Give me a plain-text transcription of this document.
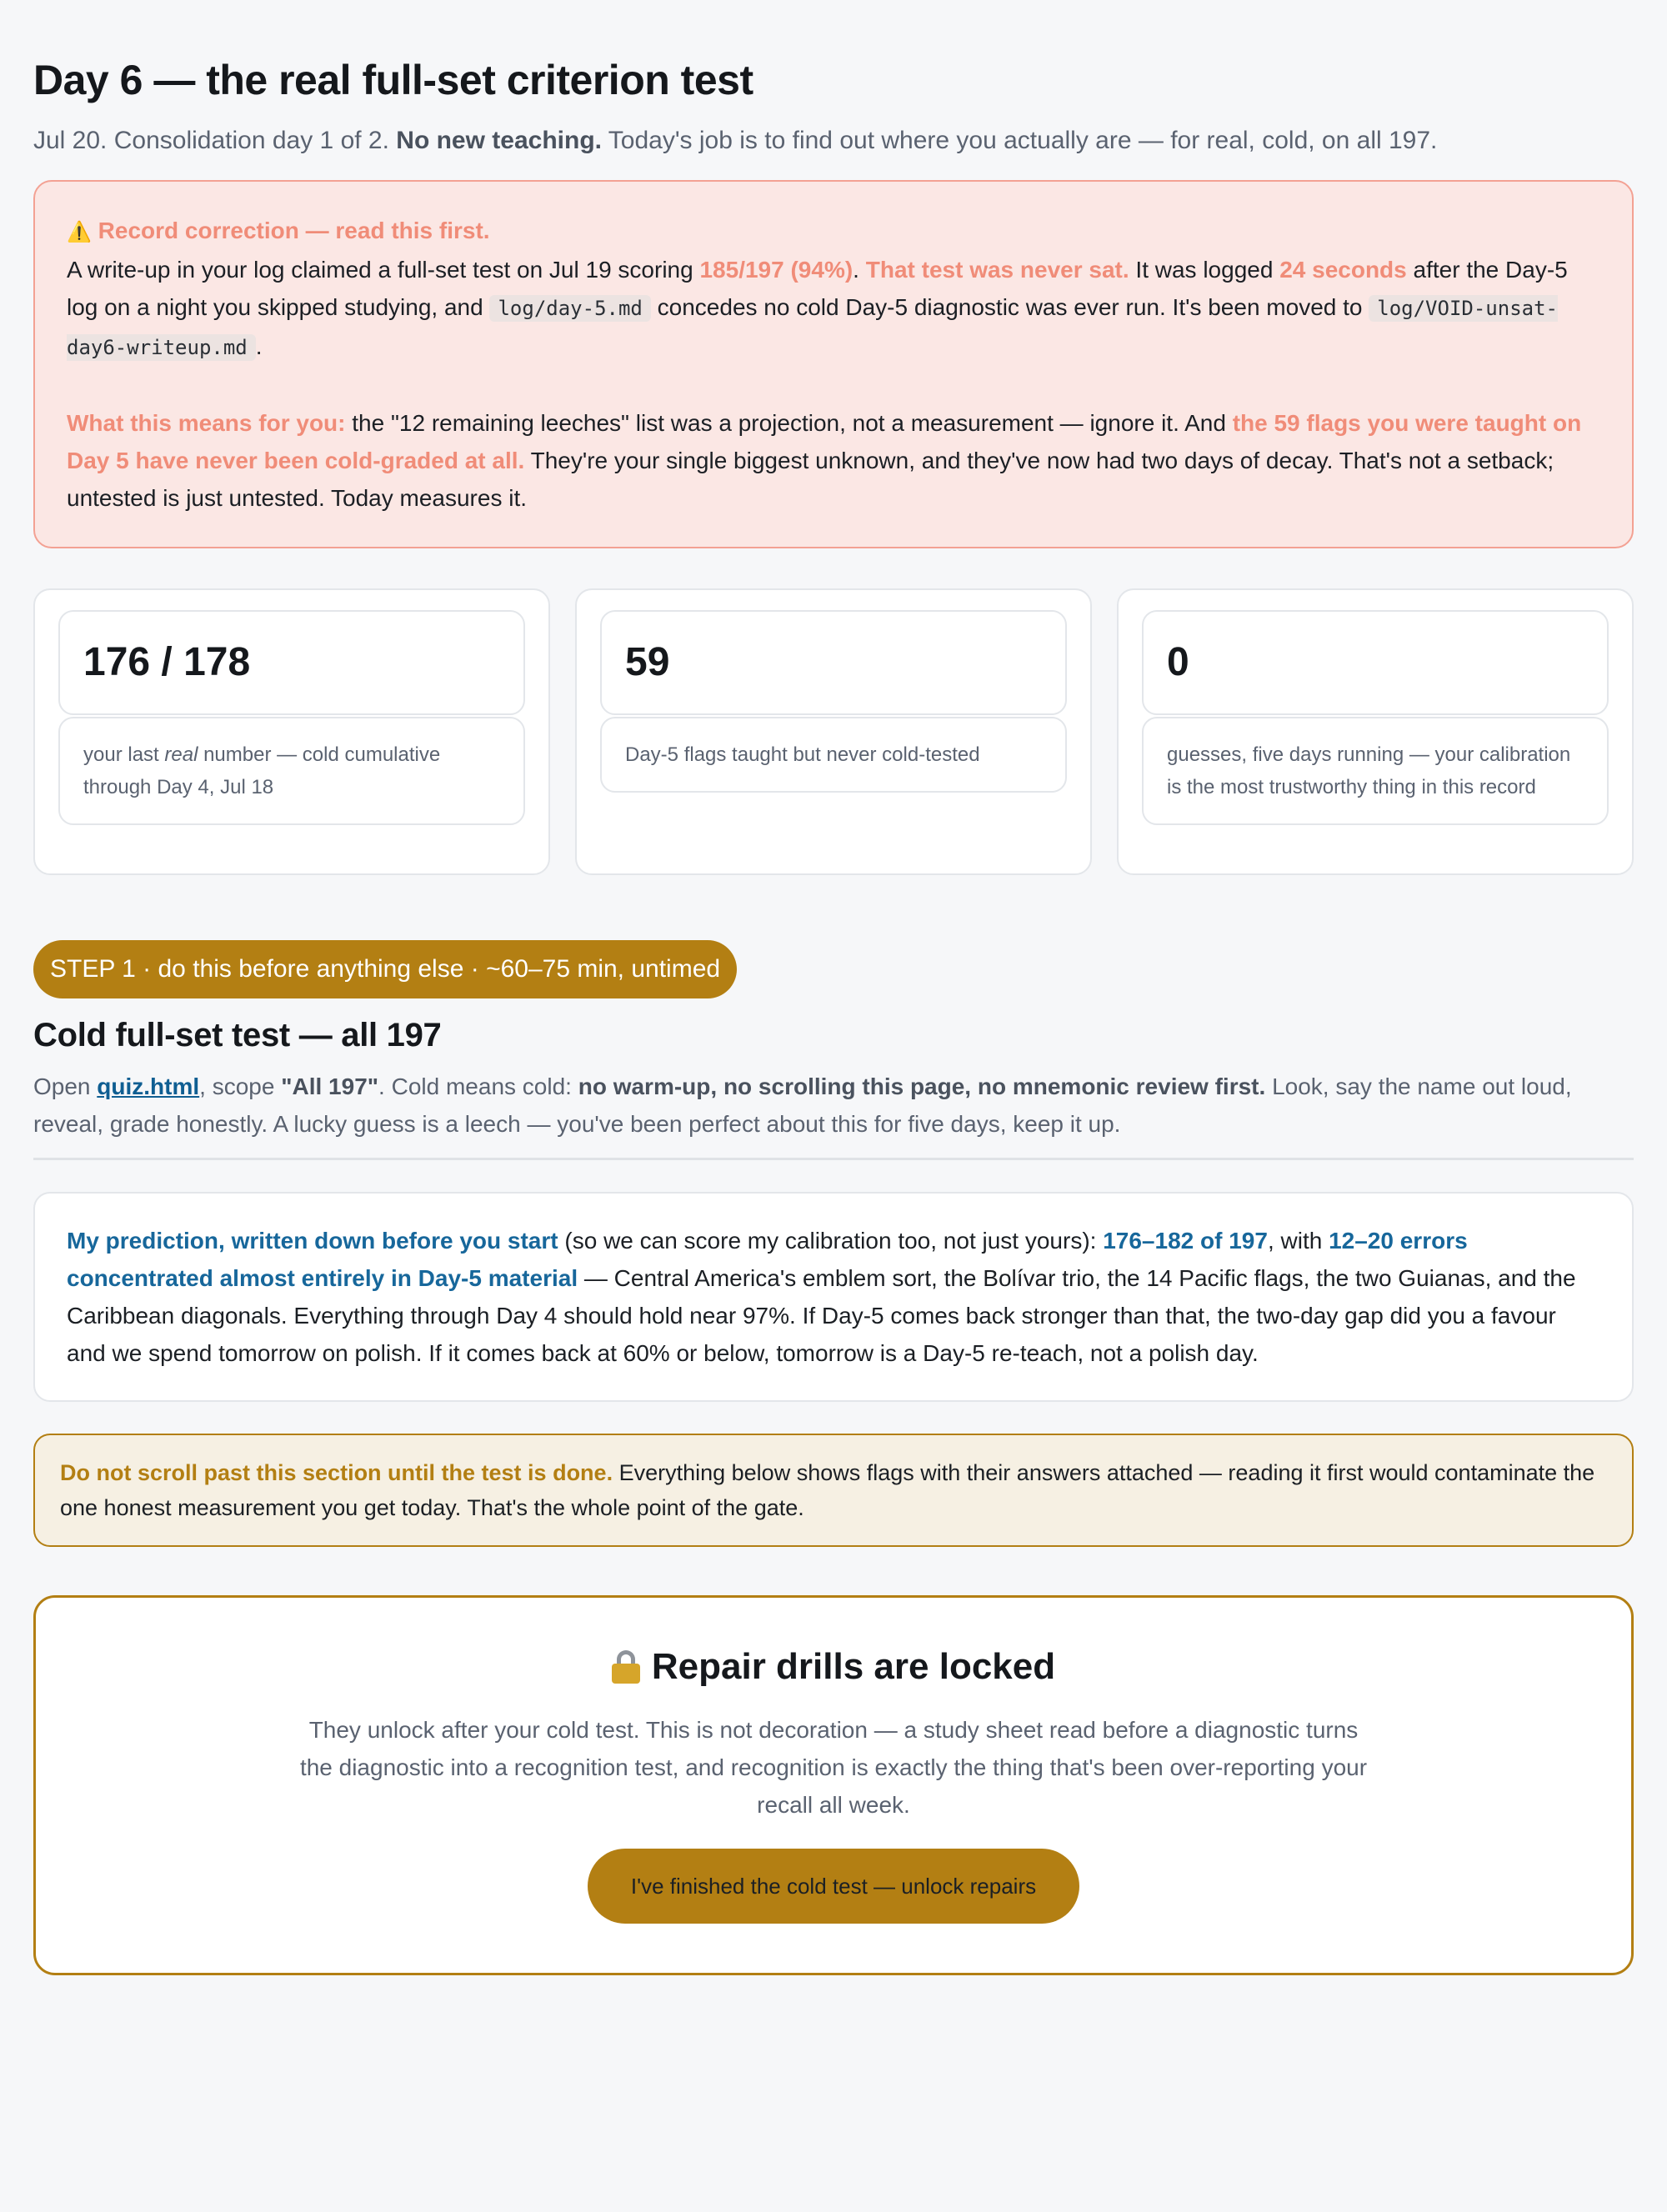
Day 6 — the real full-set criterion test

Jul 20. Consolidation day 1 of 2. No new teaching. Today's job is to find out where you actually are — for real, cold, on all 197.

⚠️ Record correction — read this first.
A write-up in your log claimed a full-set test on Jul 19 scoring 185/197 (94%). That test was never sat. It was logged 24 seconds after the Day-5 log on a night you skipped studying, and log/day-5.md concedes no cold Day-5 diagnostic was ever run. It's been moved to log/VOID-unsat-day6-writeup.md .
What this means for you: the "12 remaining leeches" list was a projection, not a measurement — ignore it. And the 59 flags you were taught on Day 5 have never been cold-graded at all. They're your single biggest unknown, and they've now had two days of decay. That's not a setback; untested is just untested. Today measures it.
176 / 178
your last real number — cold cumulative through Day 4, Jul 18
59
Day-5 flags taught but never cold-tested
0
guesses, five days running — your calibration is the most trustworthy thing in this record
STEP 1 · do this before anything else · ~60–75 min, untimed
Cold full-set test — all 197

Open quiz.html, scope "All 197". Cold means cold: no warm-up, no scrolling this page, no mnemonic review first. Look, say the name out loud, reveal, grade honestly. A lucky guess is a leech — you've been perfect about this for five days, keep it up.

My prediction, written down before you start (so we can score my calibration too, not just yours): 176–182 of 197, with 12–20 errors concentrated almost entirely in Day-5 material — Central America's emblem sort, the Bolívar trio, the 14 Pacific flags, the two Guianas, and the Caribbean diagonals. Everything through Day 4 should hold near 97%. If Day-5 comes back stronger than that, the two-day gap did you a favour and we spend tomorrow on polish. If it comes back at 60% or below, tomorrow is a Day-5 re-teach, not a polish day.
Do not scroll past this section until the test is done. Everything below shows flags with their answers attached — reading it first would contaminate the one honest measurement you get today. That's the whole point of the gate.
Repair drills are locked

They unlock after your cold test. This is not decoration — a study sheet read before a diagnostic turns the diagnostic into a recognition test, and recognition is exactly the thing that's been over-reporting your recall all week.

I've finished the cold test — unlock repairs
